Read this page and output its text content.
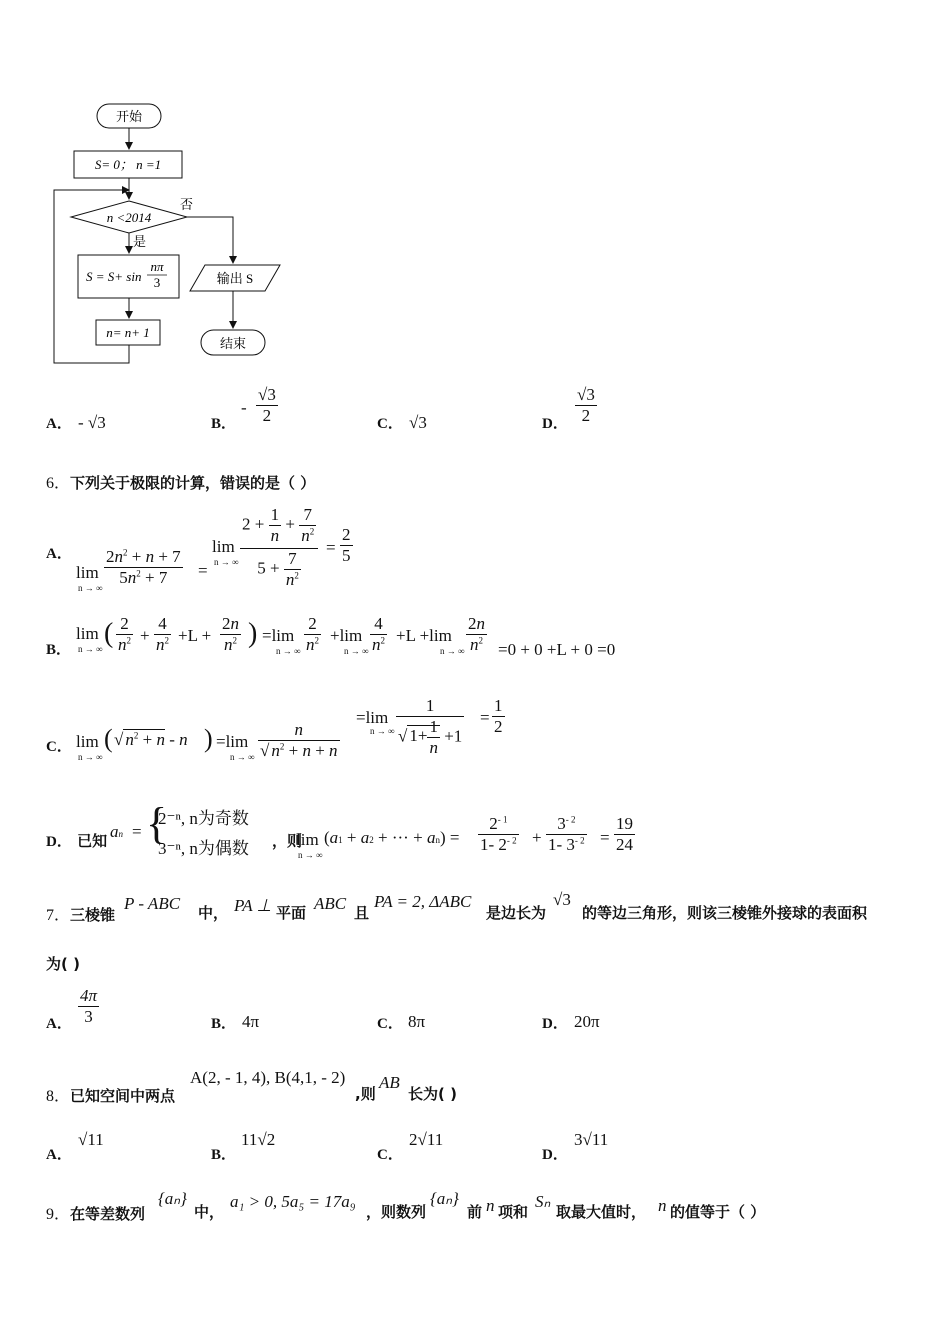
开始
S= 0； n =1
n <2014
否
是
S = S+ sin
nπ
3
n= n+ 1
输出 S
结束
A． - √3	B．
- $\frac{√3}{2}$	C． √3	D． $\frac{√3}{2}$
6．下列关于极限的计算，错误的是（ ）
A．
lim
n → ∞ $\frac{2n^2 + n + 7}{5n^2 + 7}$ =
lim
n → ∞ $\frac{2 + \frac{1}{n} + \frac{7}{n^2}}{5 + \frac{7}{n^2}} = \frac{2}{5}$
B．
lim
n → ∞ ( $\frac{2}{n^2} + \frac{4}{n^2} +L + \frac{2n}{n^2}$ ) =lim
n → ∞ $\frac{2}{n^2} +\lim$
n → ∞ $\frac{4}{n^2} +L +\lim$
n → ∞ $\frac{2n}{n^2} =0 + 0 +L + 0 =0$
C． lim
n → ∞
( √ $n^2 + n - n$ ) =lim
n → ∞ $\frac{n}{√ n^2 + n + n}$
=lim
n → ∞ $\frac{1}{√ 1+ \frac{1}{n} +1} = \frac{1}{2}$
D． 已知 an = {
2⁻ⁿ, n为奇数
3⁻ⁿ, n为偶数 ，则
lim
n → ∞
(a1 + a2 + ··· + $an) = \frac{2^{- 1}}{1- 2^{- 2}} + \frac{3^{- 2}}{1- 3^{- 2}} = \frac{19}{24}$
7．三棱锥
P - ABC 中， PA ⊥ 平面 ABC 且
PA = 2, ΔABC
是边长为
√3
的等边三角形，则该三棱锥外接球的表面积
为( )
A． $\frac{4\pi}{3}$	B． 4π	C． 8π	D． 20π
8．已知空间中两点
A(2, - 1, 4), B(4,1, - 2)
,则
AB
长为( )
A．
√11
B．
11√2
C．
2√11
D．
3√11
9．在等差数列
{aₙ}
中，
a₁ > 0, 5a₅ = 17a₉
，则数列
{aₙ}
前 n 项和
Sₙ
取最大值时， n 的值等于（ ）
